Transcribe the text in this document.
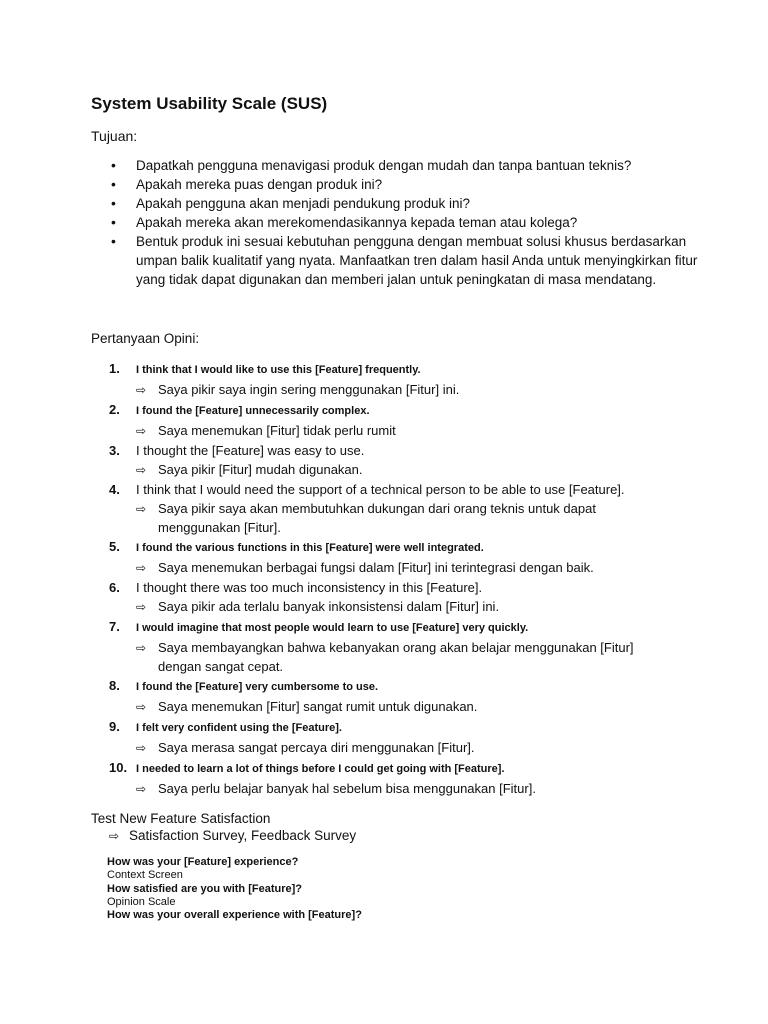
System Usability Scale (SUS)
Tujuan:
• Dapatkah pengguna menavigasi produk dengan mudah dan tanpa bantuan teknis?
• Apakah mereka puas dengan produk ini?
• Apakah pengguna akan menjadi pendukung produk ini?
• Apakah mereka akan merekomendasikannya kepada teman atau kolega?
• Bentuk produk ini sesuai kebutuhan pengguna dengan membuat solusi khusus berdasarkan umpan balik kualitatif yang nyata. Manfaatkan tren dalam hasil Anda untuk menyingkirkan fitur yang tidak dapat digunakan dan memberi jalan untuk peningkatan di masa mendatang.
Pertanyaan Opini:
1.	I think that I would like to use this [Feature] frequently.
⇨ Saya pikir saya ingin sering menggunakan [Fitur] ini.
2.	I found the [Feature] unnecessarily complex.
⇨ Saya menemukan [Fitur] tidak perlu rumit
3.	I thought the [Feature] was easy to use.
⇨ Saya pikir [Fitur] mudah digunakan.
4.	I think that I would need the support of a technical person to be able to use [Feature].
⇨ Saya pikir saya akan membutuhkan dukungan dari orang teknis untuk dapat menggunakan [Fitur].
5.	I found the various functions in this [Feature] were well integrated.
⇨ Saya menemukan berbagai fungsi dalam [Fitur] ini terintegrasi dengan baik.
6.	I thought there was too much inconsistency in this [Feature].
⇨ Saya pikir ada terlalu banyak inkonsistensi dalam [Fitur] ini.
7.	I would imagine that most people would learn to use [Feature] very quickly.
⇨ Saya membayangkan bahwa kebanyakan orang akan belajar menggunakan [Fitur] dengan sangat cepat.
8.	I found the [Feature] very cumbersome to use.
⇨ Saya menemukan [Fitur] sangat rumit untuk digunakan.
9.	I felt very confident using the [Feature].
⇨ Saya merasa sangat percaya diri menggunakan [Fitur].
10. I needed to learn a lot of things before I could get going with [Feature].
⇨ Saya perlu belajar banyak hal sebelum bisa menggunakan [Fitur].
Test New Feature Satisfaction
⇨ Satisfaction Survey, Feedback Survey
How was your [Feature] experience?
Context Screen
How satisfied are you with [Feature]?
Opinion Scale
How was your overall experience with [Feature]?
